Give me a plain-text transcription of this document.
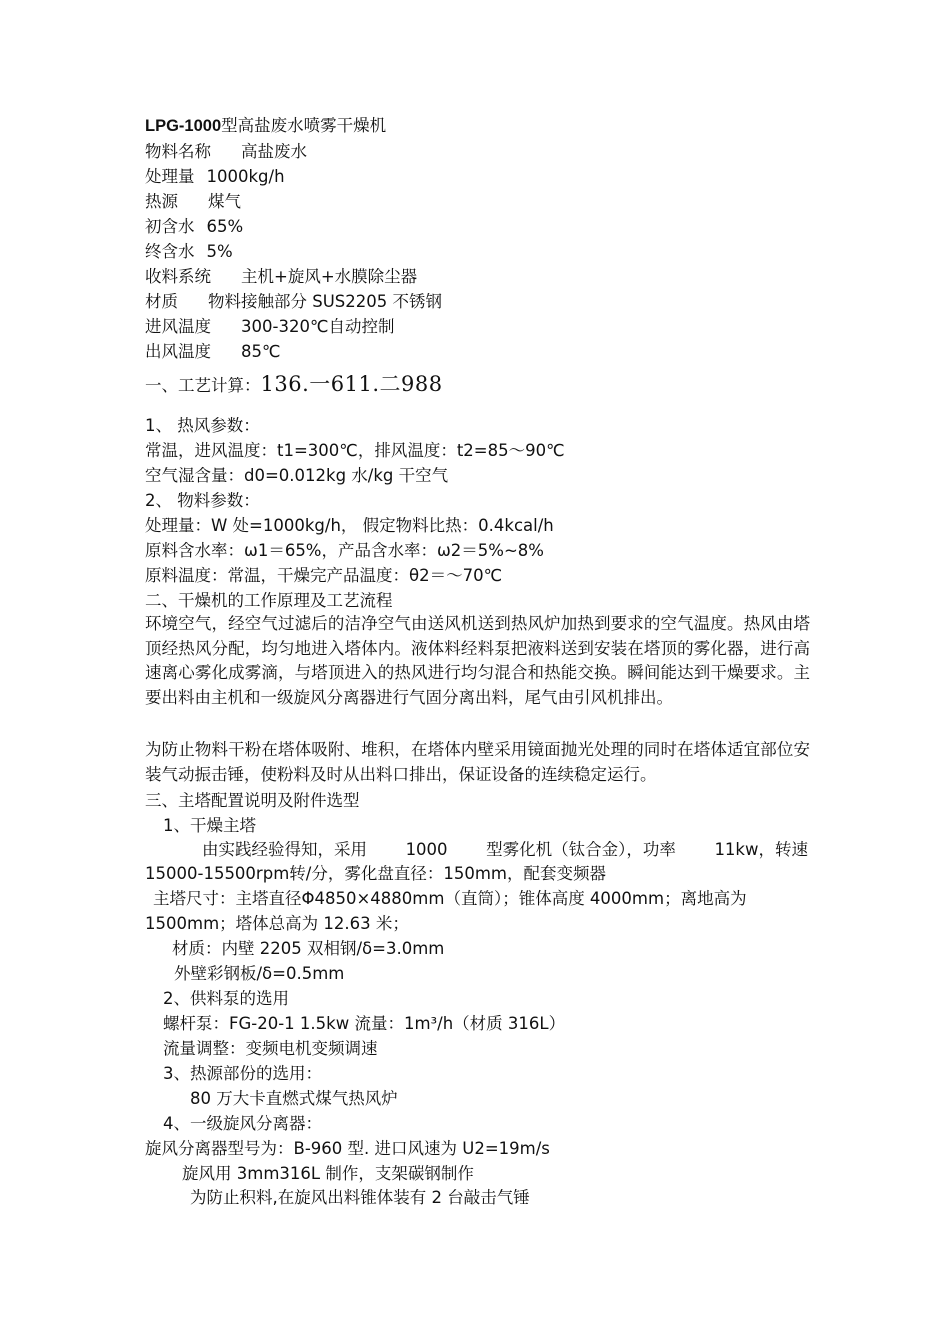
LPG-1000型高盐废水喷雾干燥机
物料名称 高盐废水
处理量 1000kg/h
热源 煤气
初含水 65%
终含水 5%
收料系统 主机+旋风+水膜除尘器
材质 物料接触部分 SUS2205 不锈钢
进风温度 300-320℃自动控制
出风温度 85℃
一、工艺计算：136.一611.二988
1、 热风参数：
常温，进风温度：t1=300℃，排风温度：t2=85～90℃
空气湿含量：d0=0.012kg 水/kg 干空气
2、 物料参数：
处理量：W 处=1000kg/h， 假定物料比热：0.4kcal/h
原料含水率：ω1＝65%，产品含水率：ω2＝5%~8%
原料温度：常温，干燥完产品温度：θ2＝～70℃
二、干燥机的工作原理及工艺流程
环境空气，经空气过滤后的洁净空气由送风机送到热风炉加热到要求的空气温度。热风由塔顶经热风分配，均匀地进入塔体内。液体料经料泵把液料送到安装在塔顶的雾化器，进行高速离心雾化成雾滴，与塔顶进入的热风进行均匀混合和热能交换。瞬间能达到干燥要求。主要出料由主机和一级旋风分离器进行气固分离出料，尾气由引风机排出。
为防止物料干粉在塔体吸附、堆积，在塔体内壁采用镜面抛光处理的同时在塔体适宜部位安装气动振击锤，使粉料及时从出料口排出，保证设备的连续稳定运行。
三、主塔配置说明及附件选型
1、干燥主塔
由实践经验得知，采用 1000 型雾化机（钛合金），功率 11kw，转速
15000-15500rpm转/分，雾化盘直径：150mm，配套变频器
主塔尺寸：主塔直径Φ4850×4880mm（直筒）；锥体高度 4000mm；离地高为
1500mm；塔体总高为 12.63 米；
材质：内壁 2205 双相钢/δ=3.0mm
外壁彩钢板/δ=0.5mm
2、供料泵的选用
螺杆泵：FG-20-1 1.5kw 流量：1m³/h（材质 316L）
流量调整：变频电机变频调速
3、热源部份的选用：
80 万大卡直燃式煤气热风炉
4、一级旋风分离器：
旋风分离器型号为：B-960 型. 进口风速为 U2=19m/s
旋风用 3mm316L 制作，支架碳钢制作
为防止积料,在旋风出料锥体装有 2 台敲击气锤
